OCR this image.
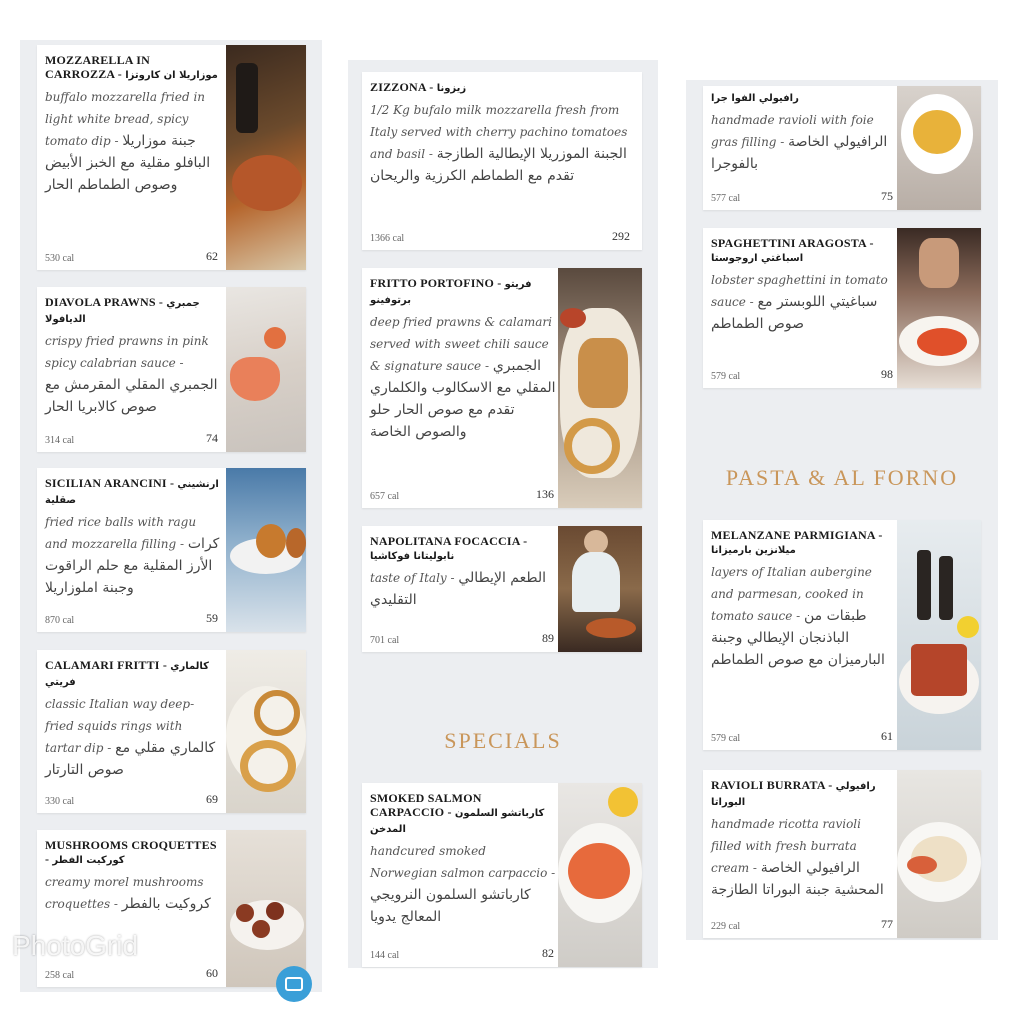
MOZZARELLA IN CARROZZA - موزاريلا ان كاروتزا
buffalo mozzarella fried in light white bread, spicy tomato dip - جبنة موزاريلا البافلو مقلية مع الخبز الأبيض وصوص الطماطم الحار
530 cal	62
DIAVOLA PRAWNS - جمبري الديافولا
crispy fried prawns in pink spicy calabrian sauce - الجمبري المقلي المقرمش مع صوص كالابريا الحار
314 cal	74
SICILIAN ARANCINI - ارنشيني صقلية
fried rice balls with ragu and mozzarella filling - كرات الأرز المقلية مع حلم الراقوت وجبنة املوزاريلا
870 cal	59
CALAMARI FRITTI - كالماري فريتي
classic Italian way deep-fried squids rings with tartar dip - كالماري مقلي مع صوص التارتار
330 cal	69
MUSHROOMS CROQUETTES - كوركيت الفطر
creamy morel mushrooms croquettes - كروكيت بالفطر
258 cal	60
ZIZZONA - زيزونا
1/2 Kg bufalo milk mozzarella fresh from Italy served with cherry pachino tomatoes and basil - الجبنة الموزريلا الإيطالية الطازجة تقدم مع الطماطم الكرزية والريحان
1366 cal	292
FRITTO PORTOFINO - فريتو برتوفينو
deep fried prawns & calamari served with sweet chili sauce & signature sauce - الجمبري المقلي مع الاسكالوب والكلماري تقدم مع صوص الحار حلو والصوص الخاصة
657 cal	136
NAPOLITANA FOCACCIA - نابوليتانا فوكاشيا
taste of Italy - الطعم الإيطالي التقليدي
701 cal	89
SPECIALS
SMOKED SALMON CARPACCIO - كارباتشو السلمون المدخن
handcured smoked Norwegian salmon carpaccio - كارباتشو السلمون النرويجي المعالج يدويا
144 cal	82
رافيولي الفوا جرا
handmade ravioli with foie gras filling - الرافيولي الخاصة بالفوجرا
577 cal	75
SPAGHETTINI ARAGOSTA - اسباغتي اروجوستا
lobster spaghettini in tomato sauce - سباغيتي اللوبستر مع صوص الطماطم
579 cal	98
PASTA & AL FORNO
MELANZANE PARMIGIANA - ميلانزين بارميزانا
layers of Italian aubergine and parmesan, cooked in tomato sauce - طبقات من الباذنجان الإيطالي وجبنة البارميزان مع صوص الطماطم
579 cal	61
RAVIOLI BURRATA - رافيولي البوراتا
handmade ricotta ravioli filled with fresh burrata cream - الرافيولي الخاصة المحشية جبنة البوراتا الطازجة
229 cal	77
PhotoGrid
